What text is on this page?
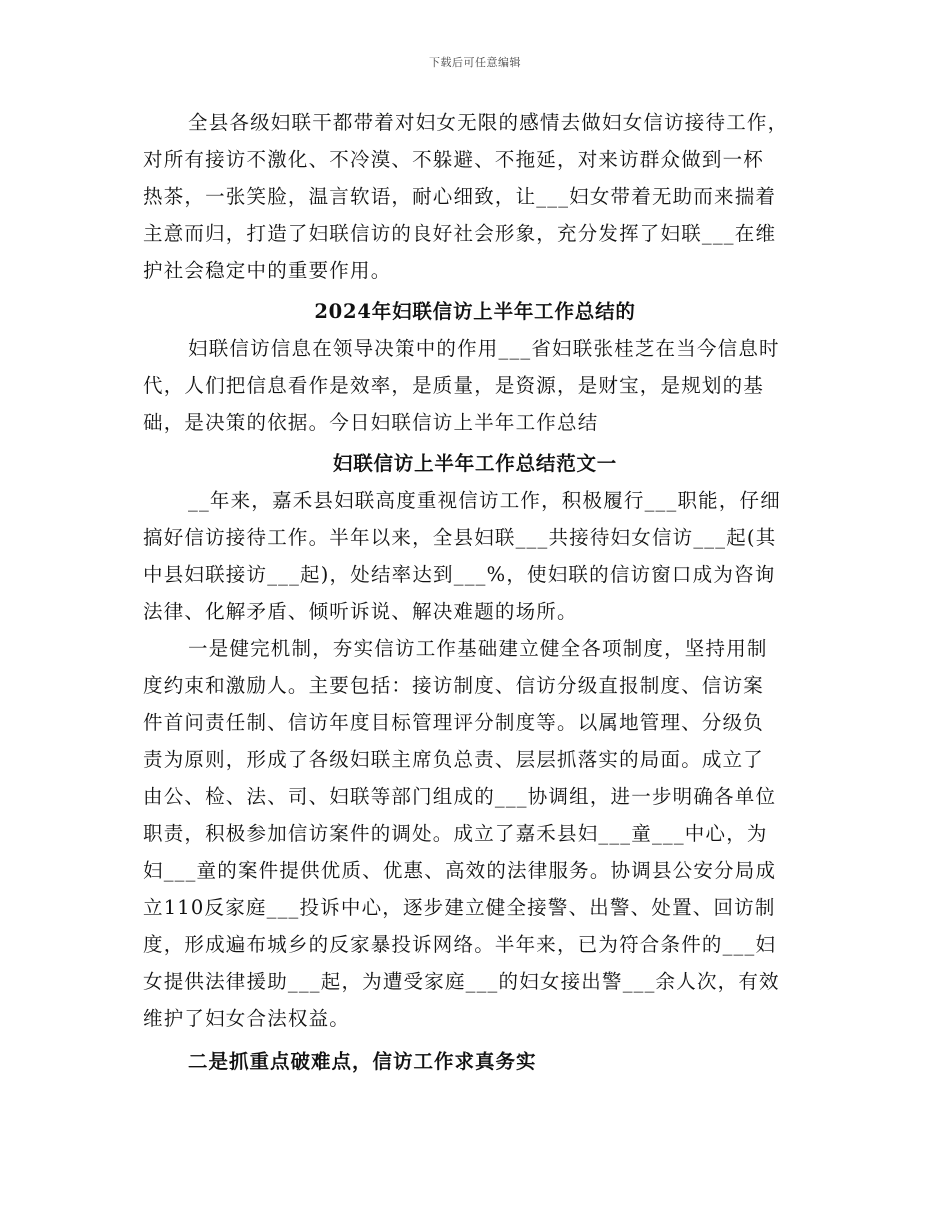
下载后可任意编辑
全县各级妇联干都带着对妇女无限的感情去做妇女信访接待工作，
对所有接访不激化、不冷漠、不躲避、不拖延，对来访群众做到一杯
热茶，一张笑脸，温言软语，耐心细致，让___妇女带着无助而来揣着
主意而归，打造了妇联信访的良好社会形象，充分发挥了妇联___在维
护社会稳定中的重要作用。
2024年妇联信访上半年工作总结的
妇联信访信息在领导决策中的作用___省妇联张桂芝在当今信息时
代，人们把信息看作是效率，是质量，是资源，是财宝，是规划的基
础，是决策的依据。今日妇联信访上半年工作总结
妇联信访上半年工作总结范文一
__年来，嘉禾县妇联高度重视信访工作，积极履行___职能，仔细
搞好信访接待工作。半年以来，全县妇联___共接待妇女信访___起(其
中县妇联接访___起)，处结率达到___%，使妇联的信访窗口成为咨询
法律、化解矛盾、倾听诉说、解决难题的场所。
一是健完机制，夯实信访工作基础建立健全各项制度，坚持用制
度约束和激励人。主要包括：接访制度、信访分级直报制度、信访案
件首问责任制、信访年度目标管理评分制度等。以属地管理、分级负
责为原则，形成了各级妇联主席负总责、层层抓落实的局面。成立了
由公、检、法、司、妇联等部门组成的___协调组，进一步明确各单位
职责，积极参加信访案件的调处。成立了嘉禾县妇___童___中心，为
妇___童的案件提供优质、优惠、高效的法律服务。协调县公安分局成
立110反家庭___投诉中心，逐步建立健全接警、出警、处置、回访制
度，形成遍布城乡的反家暴投诉网络。半年来，已为符合条件的___妇
女提供法律援助___起，为遭受家庭___的妇女接出警___余人次，有效
维护了妇女合法权益。
二是抓重点破难点，信访工作求真务实
